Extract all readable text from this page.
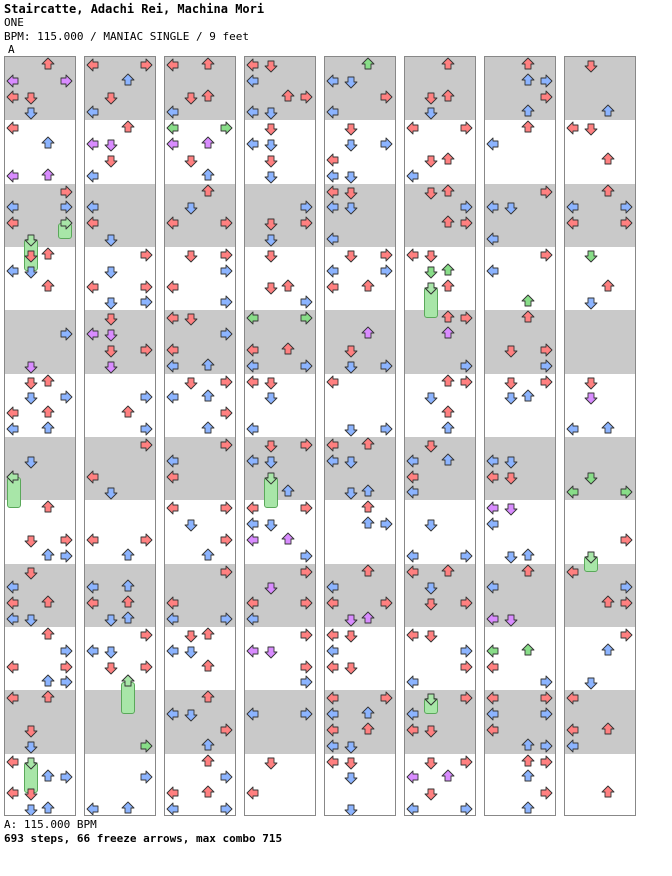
Staircatte, Adachi Rei, Machina Mori
ONE
BPM: 115.000 / MANIAC SINGLE / 9 feet
A
A: 115.000 BPM
693 steps, 66 freeze arrows, max combo 715
